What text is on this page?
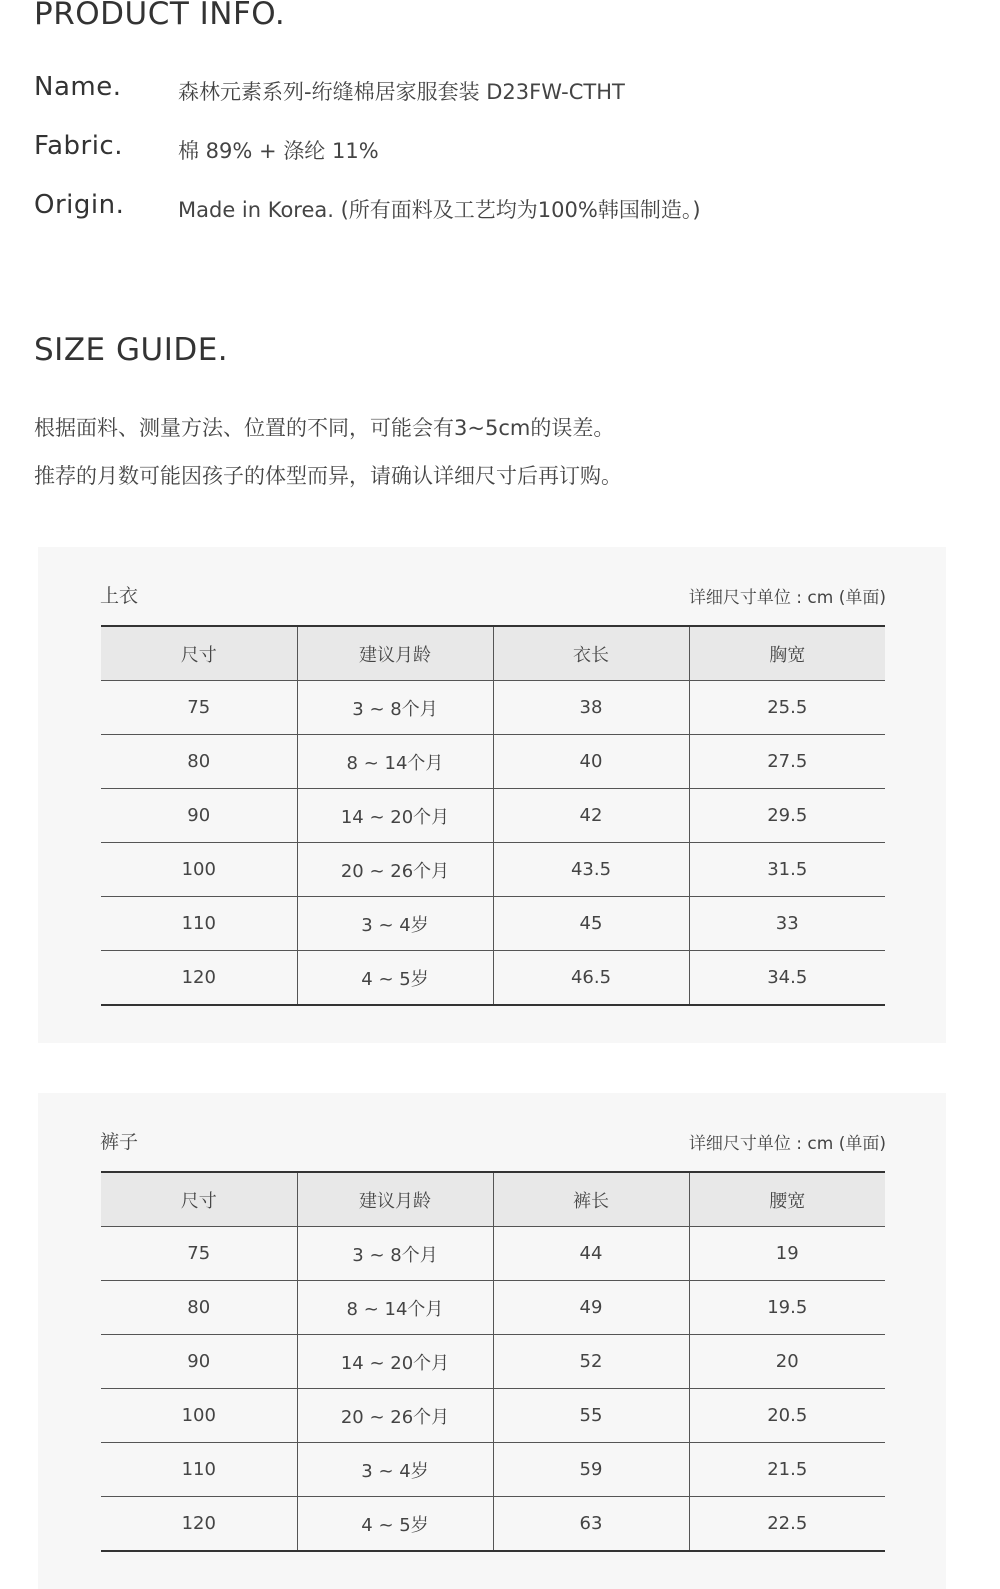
PRODUCT INFO.
Name.	森林元素系列-绗缝棉居家服套装 D23FW-CTHT
Fabric.	棉 89% + 涤纶 11%
Origin.	Made in Korea. (所有面料及工艺均为100%韩国制造。)
SIZE GUIDE.
根据面料、测量方法、位置的不同，可能会有3~5cm的误差。
推荐的月数可能因孩子的体型而异，请确认详细尺寸后再订购。
上衣	详细尺寸单位 : cm (单面)
尺寸	建议月龄	衣长	胸宽
75	3 ~ 8个月	38	25.5
80	8 ~ 14个月	40	27.5
90	14 ~ 20个月	42	29.5
100	20 ~ 26个月	43.5	31.5
110	3 ~ 4岁	45	33
120	4 ~ 5岁	46.5	34.5
裤子	详细尺寸单位 : cm (单面)
尺寸	建议月龄	裤长	腰宽
75	3 ~ 8个月	44	19
80	8 ~ 14个月	49	19.5
90	14 ~ 20个月	52	20
100	20 ~ 26个月	55	20.5
110	3 ~ 4岁	59	21.5
120	4 ~ 5岁	63	22.5
